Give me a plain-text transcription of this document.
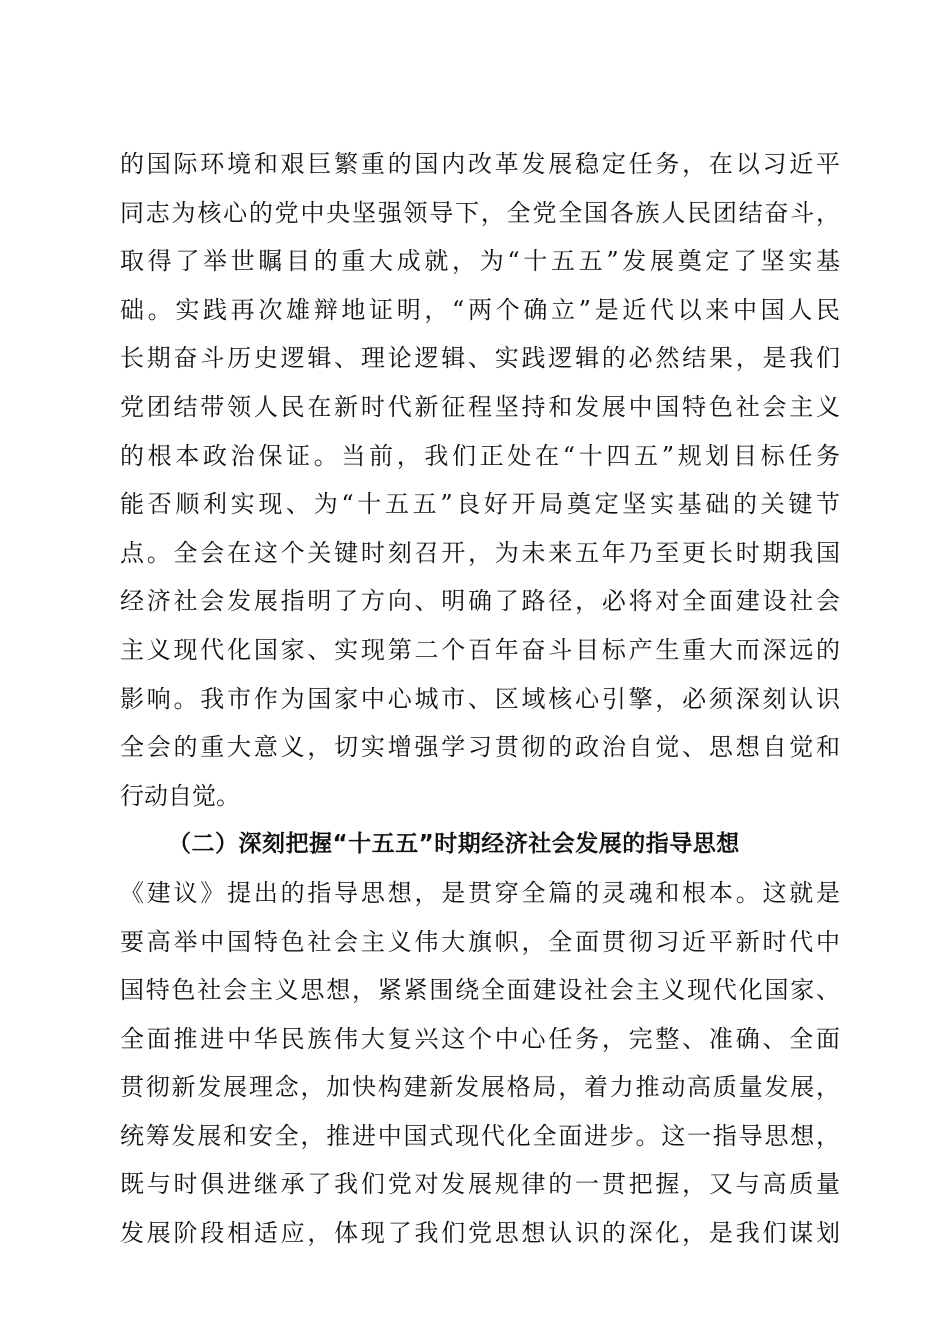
的国际环境和艰巨繁重的国内改革发展稳定任务，在以习近平
同志为核心的党中央坚强领导下，全党全国各族人民团结奋斗，
取得了举世瞩目的重大成就，为“十五五”发展奠定了坚实基
础。实践再次雄辩地证明，“两个确立”是近代以来中国人民
长期奋斗历史逻辑、理论逻辑、实践逻辑的必然结果，是我们
党团结带领人民在新时代新征程坚持和发展中国特色社会主义
的根本政治保证。当前，我们正处在“十四五”规划目标任务
能否顺利实现、为“十五五”良好开局奠定坚实基础的关键节
点。全会在这个关键时刻召开，为未来五年乃至更长时期我国
经济社会发展指明了方向、明确了路径，必将对全面建设社会
主义现代化国家、实现第二个百年奋斗目标产生重大而深远的
影响。我市作为国家中心城市、区域核心引擎，必须深刻认识
全会的重大意义，切实增强学习贯彻的政治自觉、思想自觉和
行动自觉。
（二）深刻把握“十五五”时期经济社会发展的指导思想
《建议》提出的指导思想，是贯穿全篇的灵魂和根本。这就是
要高举中国特色社会主义伟大旗帜，全面贯彻习近平新时代中
国特色社会主义思想，紧紧围绕全面建设社会主义现代化国家、
全面推进中华民族伟大复兴这个中心任务，完整、准确、全面
贯彻新发展理念，加快构建新发展格局，着力推动高质量发展，
统筹发展和安全，推进中国式现代化全面进步。这一指导思想，
既与时俱进继承了我们党对发展规律的一贯把握，又与高质量
发展阶段相适应，体现了我们党思想认识的深化，是我们谋划
